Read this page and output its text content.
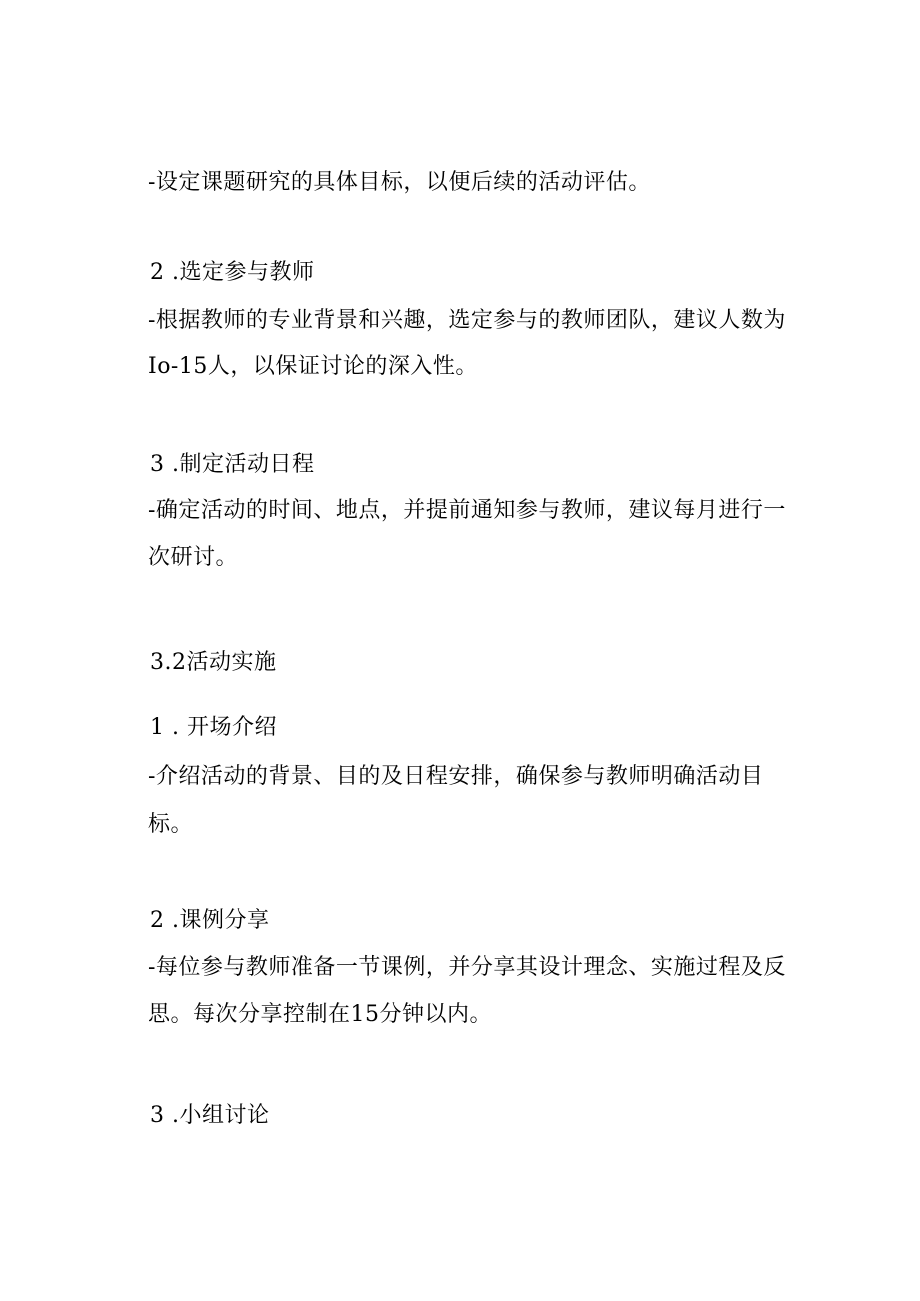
-设定课题研究的具体目标，以便后续的活动评估。
2 .选定参与教师
-根据教师的专业背景和兴趣，选定参与的教师团队，建议人数为
Io-15人，以保证讨论的深入性。
3 .制定活动日程
-确定活动的时间、地点，并提前通知参与教师，建议每月进行一
次研讨。
3.2活动实施
1 . 开场介绍
-介绍活动的背景、目的及日程安排，确保参与教师明确活动目
标。
2 .课例分享
-每位参与教师准备一节课例，并分享其设计理念、实施过程及反
思。每次分享控制在15分钟以内。
3 .小组讨论
